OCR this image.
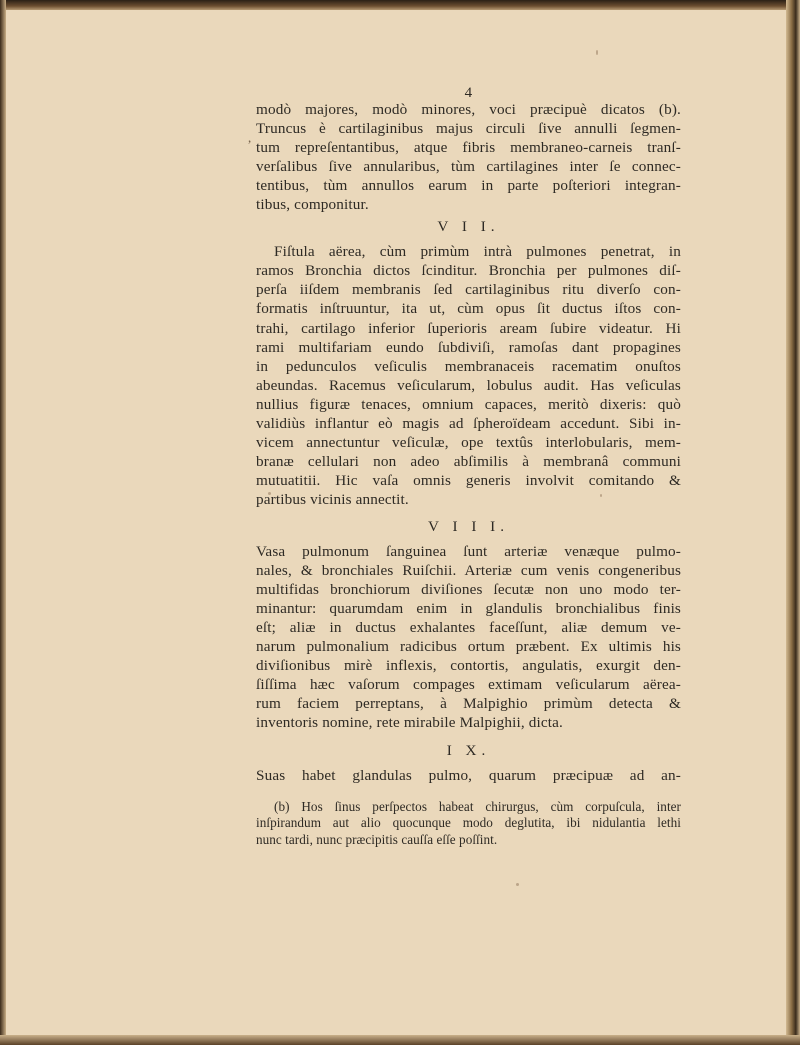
,
4
modò majores, modò minores, voci præcipuè dicatos (b).
Truncus è cartilaginibus majus circuli ſive annulli ſegmen-
tum repreſentantibus, atque fibris membraneo-carneis tranſ-
verſalibus ſive annularibus, tùm cartilagines inter ſe connec-
tentibus, tùm annullos earum in parte poſteriori integran-
tibus, componitur.
V I I.
Fiſtula aërea, cùm primùm intrà pulmones penetrat, in
ramos Bronchia dictos ſcinditur. Bronchia per pulmones diſ-
perſa iiſdem membranis ſed cartilaginibus ritu diverſo con-
formatis inſtruuntur, ita ut, cùm opus ſit ductus iſtos con-
trahi, cartilago inferior ſuperioris aream ſubire videatur. Hi
rami multifariam eundo ſubdiviſi, ramoſas dant propagines
in pedunculos veſiculis membranaceis racematim onuſtos
abeundas. Racemus veſicularum, lobulus audit. Has veſiculas
nullius figuræ tenaces, omnium capaces, meritò dixeris: quò
validiùs inflantur eò magis ad ſpheroïdeam accedunt. Sibi in-
vicem annectuntur veſiculæ, ope textûs interlobularis, mem-
branæ cellulari non adeo abſimilis à membranâ communi
mutuatitii. Hic vaſa omnis generis involvit comitando &
partibus vicinis annectit.
V I I I.
Vasa pulmonum ſanguinea ſunt arteriæ venæque pulmo-
nales, & bronchiales Ruiſchii. Arteriæ cum venis congeneribus
multifidas bronchiorum diviſiones ſecutæ non uno modo ter-
minantur: quarumdam enim in glandulis bronchialibus finis
eſt; aliæ in ductus exhalantes faceſſunt, aliæ demum ve-
narum pulmonalium radicibus ortum præbent. Ex ultimis his
diviſionibus mirè inflexis, contortis, angulatis, exurgit den-
ſiſſima hæc vaſorum compages extimam veſicularum aërea-
rum faciem perreptans, à Malpighio primùm detecta &
inventoris nomine, rete mirabile Malpighii, dicta.
I X.
Suas habet glandulas pulmo, quarum præcipuæ ad an-
(b) Hos ſinus perſpectos habeat chirurgus, cùm corpuſcula, inter
inſpirandum aut alio quocunque modo deglutita, ibi nidulantia lethi
nunc tardi, nunc præcipitis cauſſa eſſe poſſint.
